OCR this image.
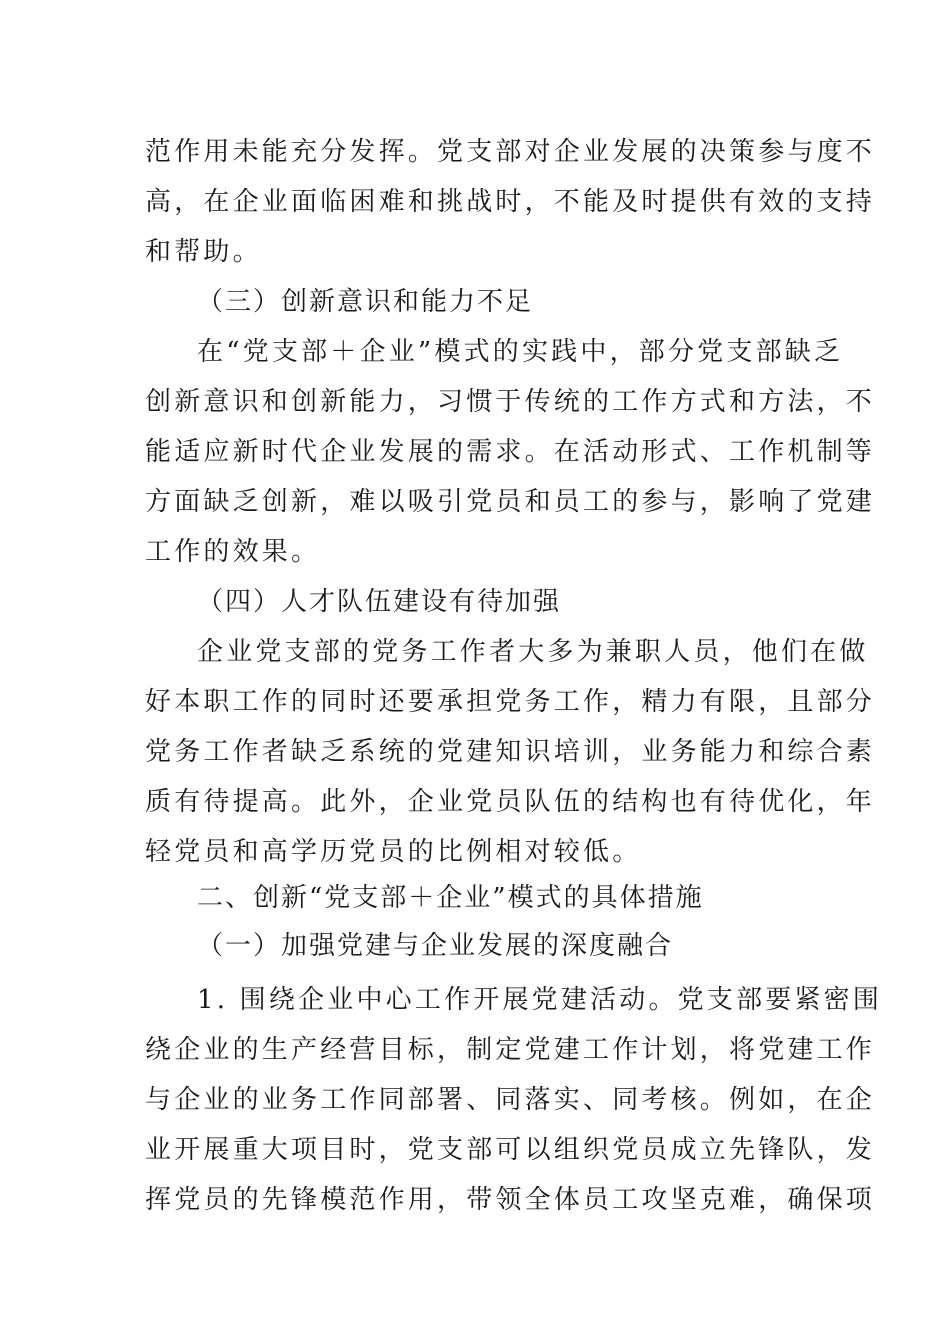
范作用未能充分发挥。党支部对企业发展的决策参与度不
高，在企业面临困难和挑战时，不能及时提供有效的支持
和帮助。
（三）创新意识和能力不足
在“党支部＋企业”模式的实践中，部分党支部缺乏
创新意识和创新能力，习惯于传统的工作方式和方法，不
能适应新时代企业发展的需求。在活动形式、工作机制等
方面缺乏创新，难以吸引党员和员工的参与，影响了党建
工作的效果。
（四）人才队伍建设有待加强
企业党支部的党务工作者大多为兼职人员，他们在做
好本职工作的同时还要承担党务工作，精力有限，且部分
党务工作者缺乏系统的党建知识培训，业务能力和综合素
质有待提高。此外，企业党员队伍的结构也有待优化，年
轻党员和高学历党员的比例相对较低。
二、创新“党支部＋企业”模式的具体措施
（一）加强党建与企业发展的深度融合
1. 围绕企业中心工作开展党建活动。党支部要紧密围
绕企业的生产经营目标，制定党建工作计划，将党建工作
与企业的业务工作同部署、同落实、同考核。例如，在企
业开展重大项目时，党支部可以组织党员成立先锋队，发
挥党员的先锋模范作用，带领全体员工攻坚克难，确保项
